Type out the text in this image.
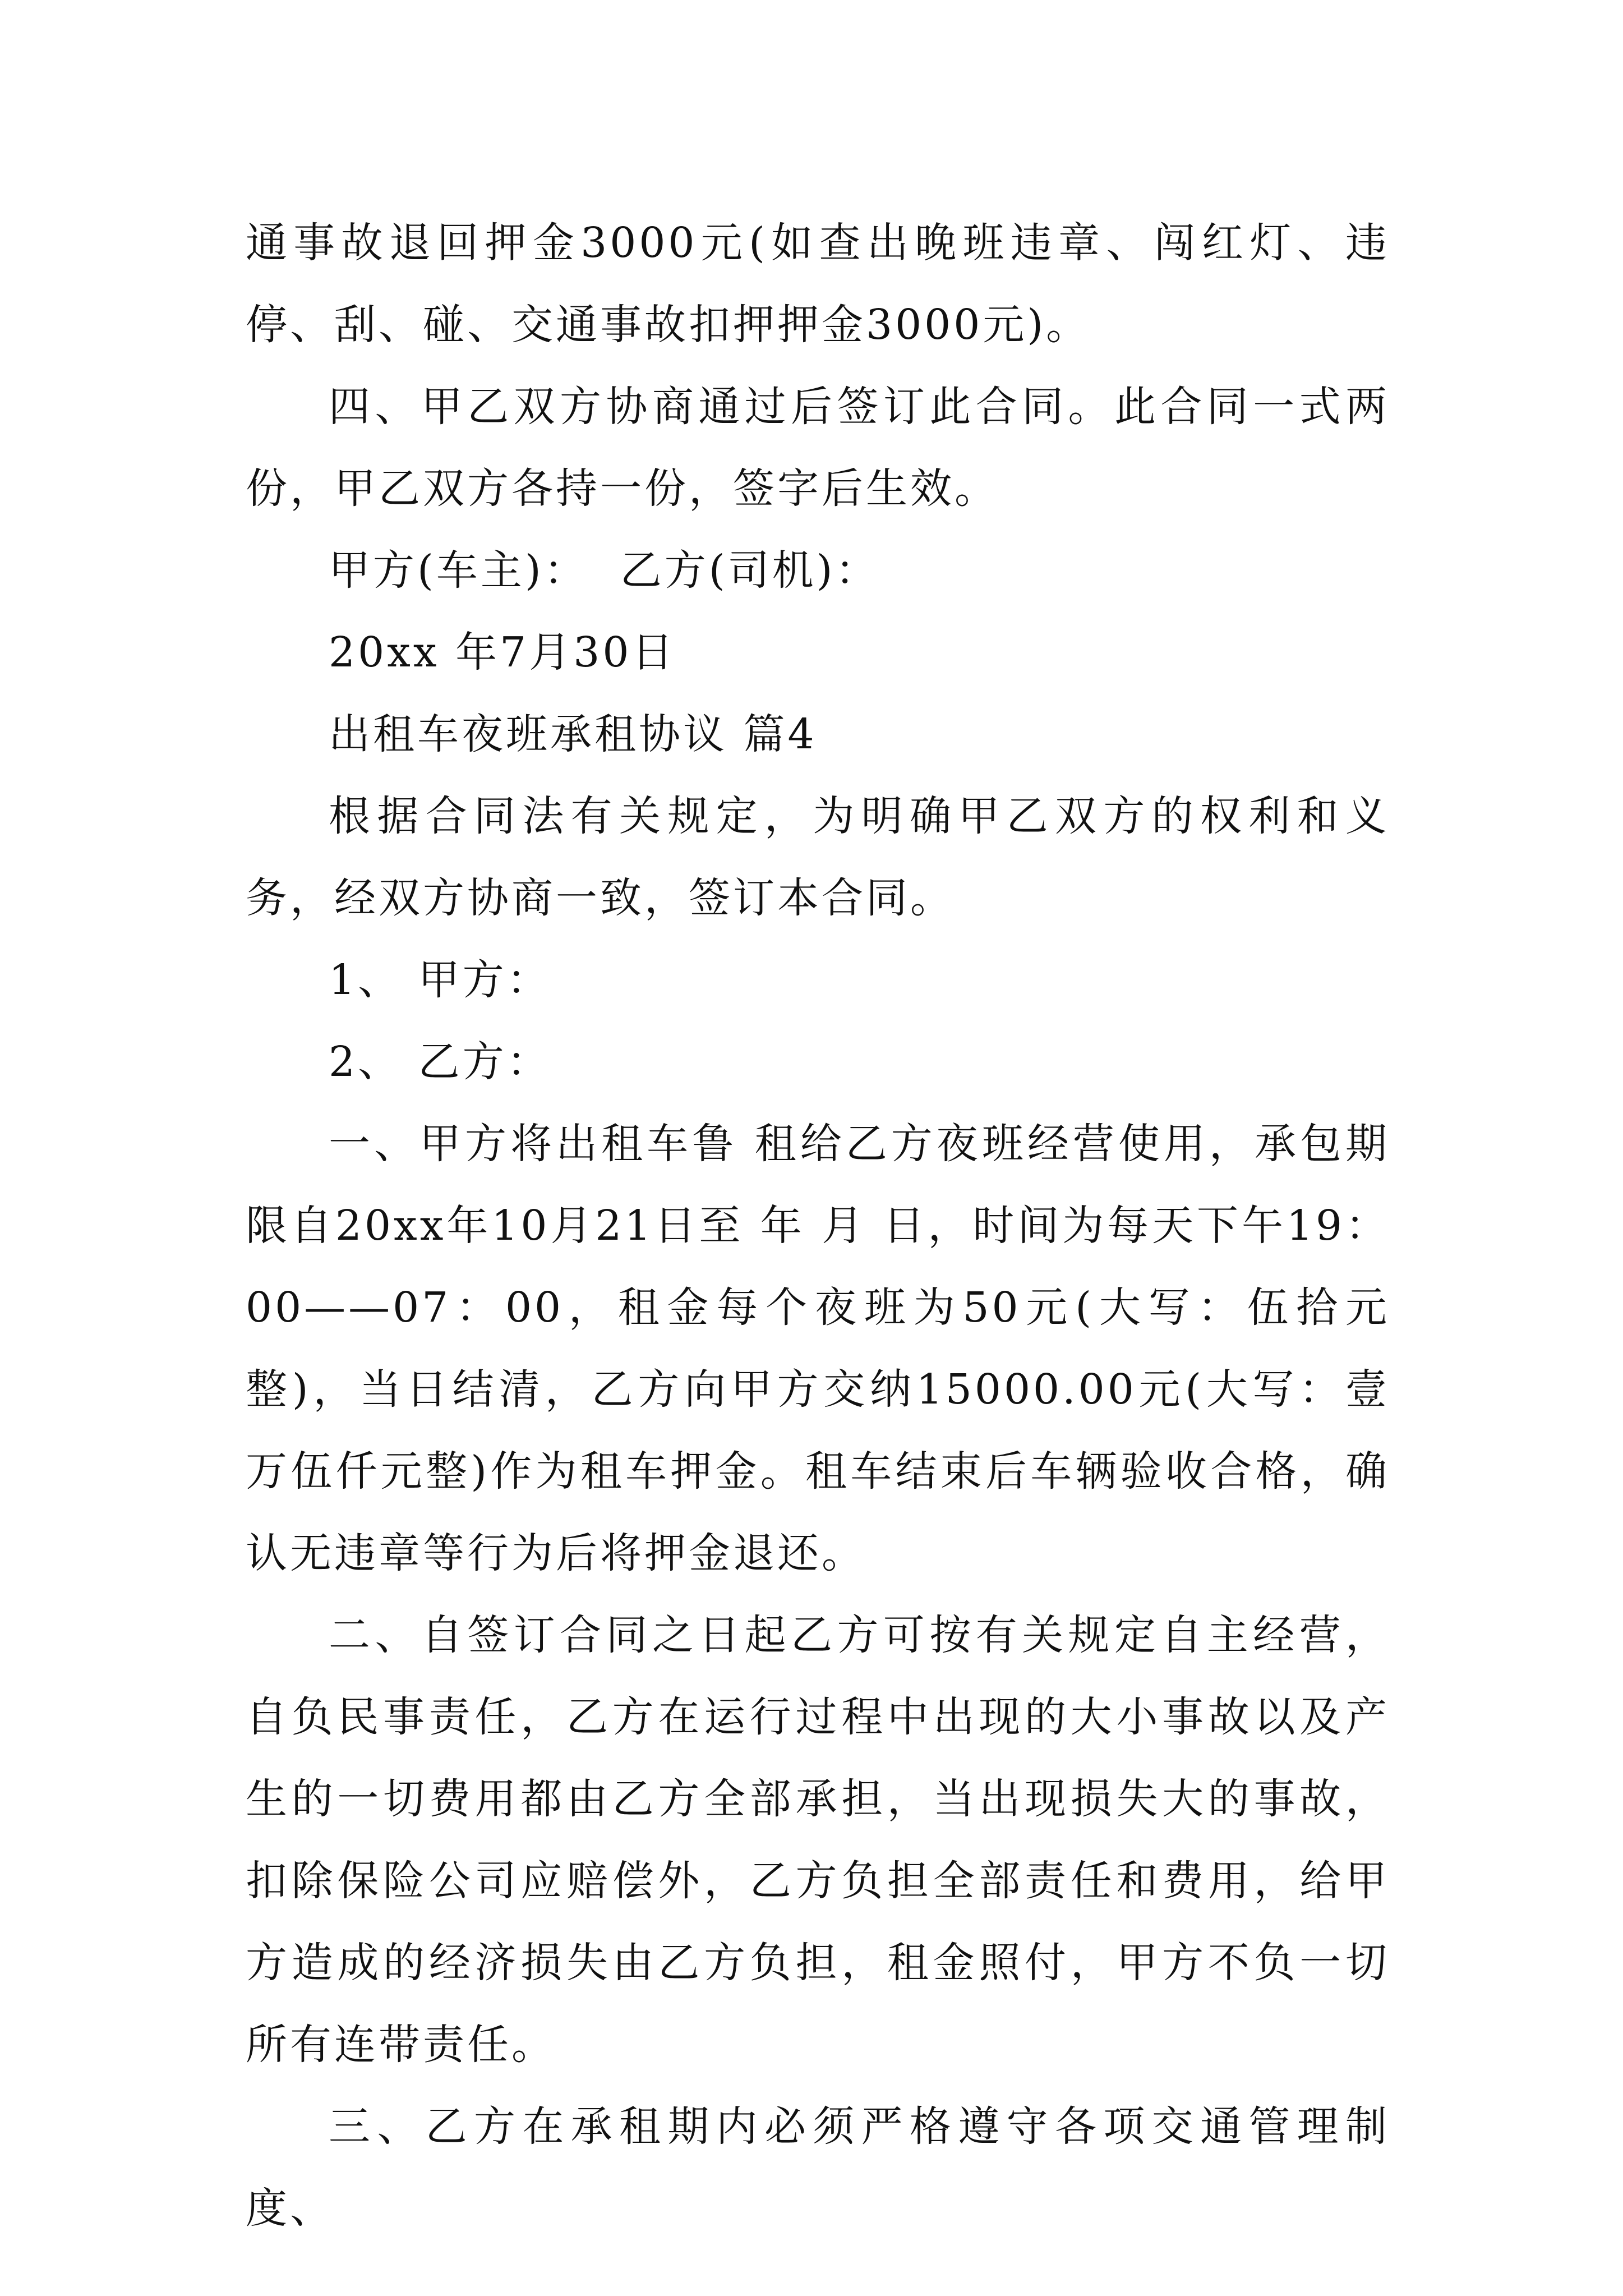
通事故退回押金3000元(如查出晚班违章、闯红灯、违停、刮、碰、交通事故扣押押金3000元)。

四、甲乙双方协商通过后签订此合同。此合同一式两份，甲乙双方各持一份，签字后生效。

甲方(车主)：  乙方(司机)：

20xx 年7月30日

出租车夜班承租协议 篇4

根据合同法有关规定，为明确甲乙双方的权利和义务，经双方协商一致，签订本合同。

1、 甲方：

2、 乙方：

一、甲方将出租车鲁 租给乙方夜班经营使用，承包期限自20xx年10月21日至 年 月 日，时间为每天下午19：00——07：00，租金每个夜班为50元(大写：伍拾元整)，当日结清，乙方向甲方交纳15000.00元(大写：壹万伍仟元整)作为租车押金。租车结束后车辆验收合格，确认无违章等行为后将押金退还。

二、自签订合同之日起乙方可按有关规定自主经营，自负民事责任，乙方在运行过程中出现的大小事故以及产生的一切费用都由乙方全部承担，当出现损失大的事故，扣除保险公司应赔偿外，乙方负担全部责任和费用，给甲方造成的经济损失由乙方负担，租金照付，甲方不负一切所有连带责任。

三、乙方在承租期内必须严格遵守各项交通管理制度、
